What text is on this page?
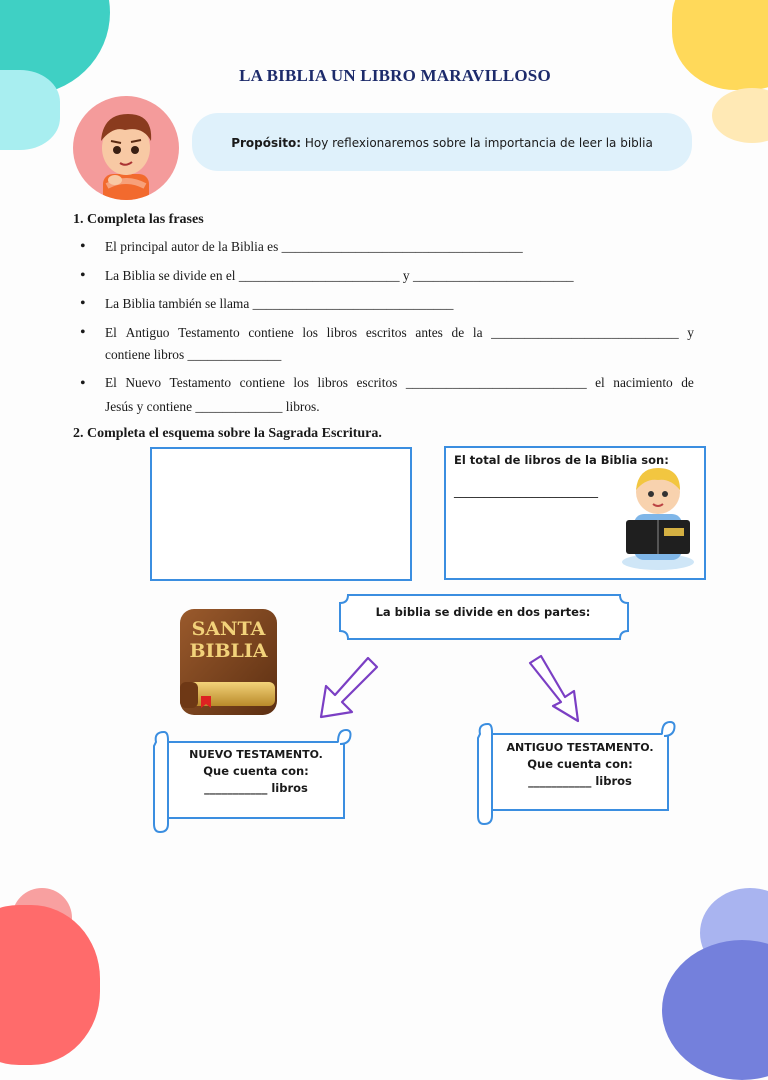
LA BIBLIA UN LIBRO MARAVILLOSO
Propósito: Hoy reflexionaremos sobre la importancia de leer la biblia
1. Completa las frases
• El principal autor de la Biblia es ____________________________________
• La Biblia se divide en el ________________________ y ________________________
• La Biblia también se llama ______________________________
• El Antiguo Testamento contiene los libros escritos antes de la ____________________________ y
contiene libros ______________
• El Nuevo Testamento contiene los libros escritos ___________________________ el nacimiento de
Jesús y contiene _____________ libros.
2. Completa el esquema sobre la Sagrada Escritura.
El total de libros de la Biblia son:
________________________
SANTA
BIBLIA
La biblia se divide en dos partes:
NUEVO TESTAMENTO.
Que cuenta con:
___________ libros
ANTIGUO TESTAMENTO.
Que cuenta con:
___________ libros
